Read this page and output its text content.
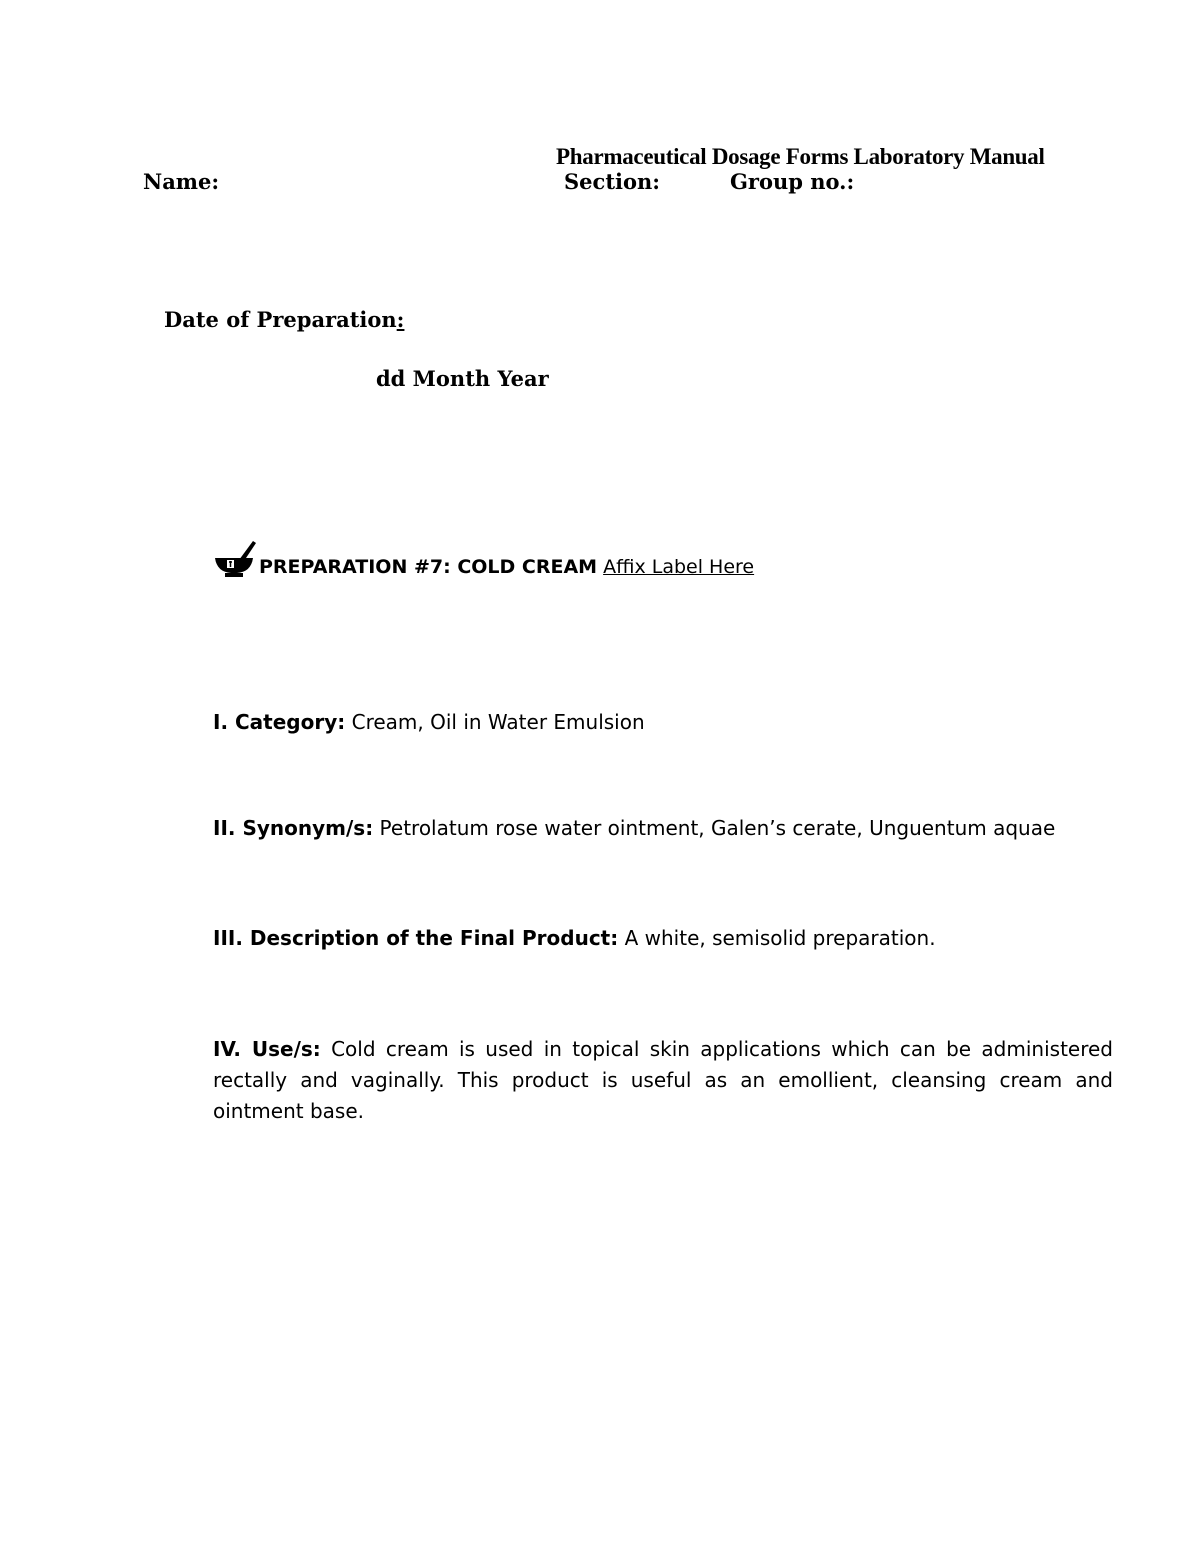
Pharmaceutical Dosage Forms Laboratory Manual
Name:	Section:	Group no.:
Date of Preparation:
dd Month Year
PREPARATION #7: COLD CREAM Affix Label Here
I. Category: Cream, Oil in Water Emulsion
II. Synonym/s: Petrolatum rose water ointment, Galen’s cerate, Unguentum aquae
III. Description of the Final Product: A white, semisolid preparation.
IV. Use/s: Cold cream is used in topical skin applications which can be administered rectally and vaginally. This product is useful as an emollient, cleansing cream and ointment base.
